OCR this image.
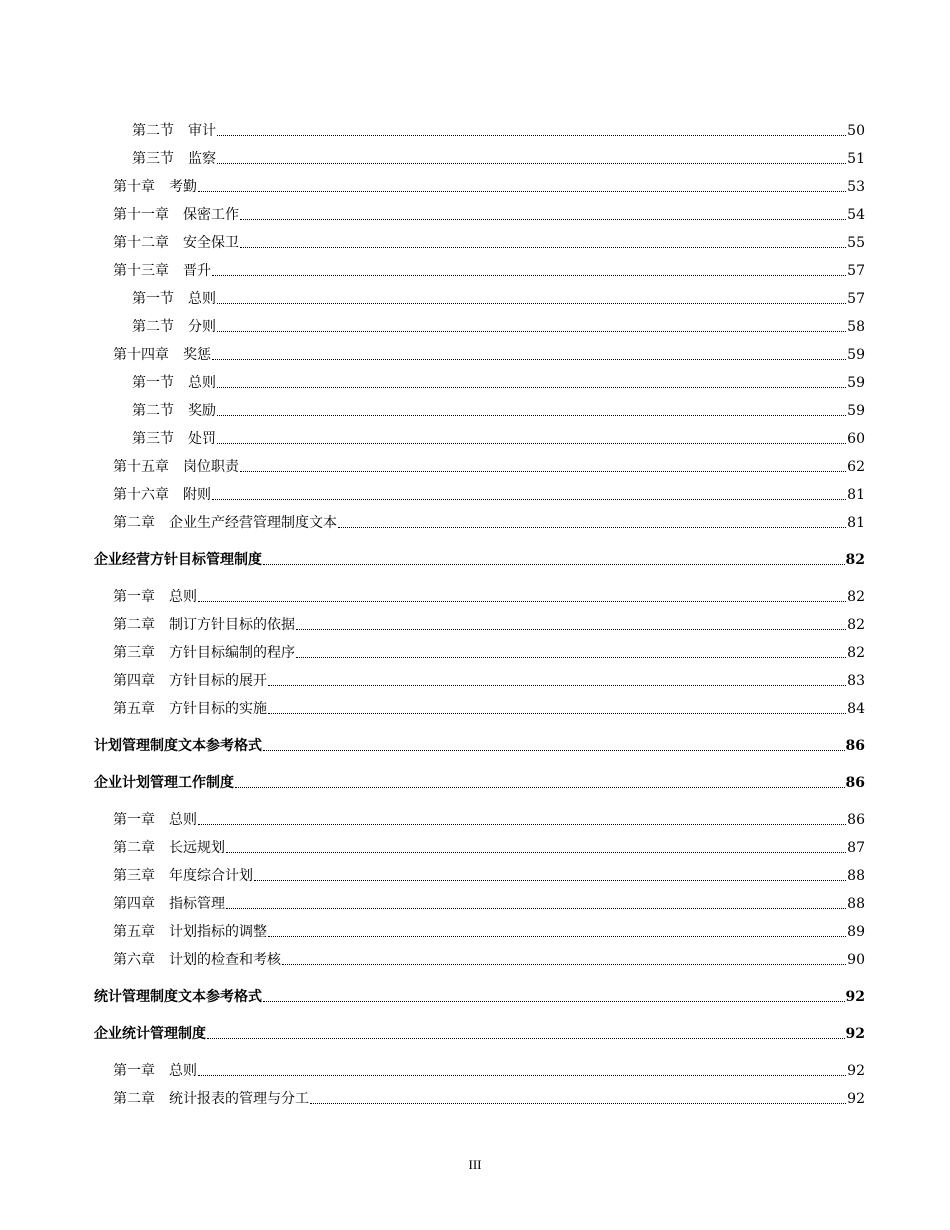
第二节 审计	50
第三节 监察	51
第十章 考勤	53
第十一章 保密工作	54
第十二章 安全保卫	55
第十三章 晋升	57
第一节 总则	57
第二节 分则	58
第十四章 奖惩	59
第一节 总则	59
第二节 奖励	59
第三节 处罚	60
第十五章 岗位职责	62
第十六章 附则	81
第二章 企业生产经营管理制度文本	81
企业经营方针目标管理制度	82
第一章 总则	82
第二章 制订方针目标的依据	82
第三章 方针目标编制的程序	82
第四章 方针目标的展开	83
第五章 方针目标的实施	84
计划管理制度文本参考格式	86
企业计划管理工作制度	86
第一章 总则	86
第二章 长远规划	87
第三章 年度综合计划	88
第四章 指标管理	88
第五章 计划指标的调整	89
第六章 计划的检查和考核	90
统计管理制度文本参考格式	92
企业统计管理制度	92
第一章 总则	92
第二章 统计报表的管理与分工	92
III
